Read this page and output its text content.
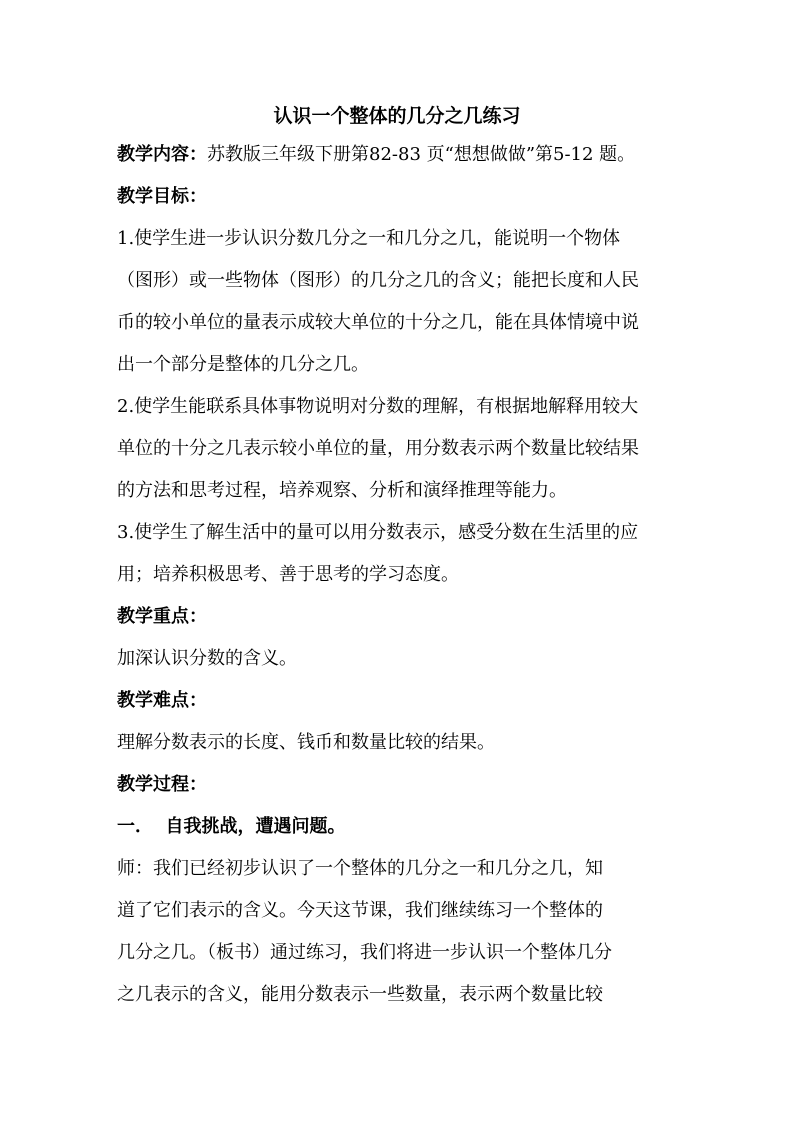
认识一个整体的几分之几练习
教学内容：苏教版三年级下册第82-83 页“想想做做”第5-12 题。
教学目标：
1.使学生进一步认识分数几分之一和几分之几，能说明一个物体
（图形）或一些物体（图形）的几分之几的含义；能把长度和人民
币的较小单位的量表示成较大单位的十分之几，能在具体情境中说
出一个部分是整体的几分之几。
2.使学生能联系具体事物说明对分数的理解，有根据地解释用较大
单位的十分之几表示较小单位的量，用分数表示两个数量比较结果
的方法和思考过程，培养观察、分析和演绎推理等能力。
3.使学生了解生活中的量可以用分数表示，感受分数在生活里的应
用；培养积极思考、善于思考的学习态度。
教学重点：
加深认识分数的含义。
教学难点：
理解分数表示的长度、钱币和数量比较的结果。
教学过程：
一．  自我挑战，遭遇问题。
师：我们已经初步认识了一个整体的几分之一和几分之几，知
道了它们表示的含义。今天这节课，我们继续练习一个整体的
几分之几。（板书）通过练习，我们将进一步认识一个整体几分
之几表示的含义，能用分数表示一些数量，表示两个数量比较
